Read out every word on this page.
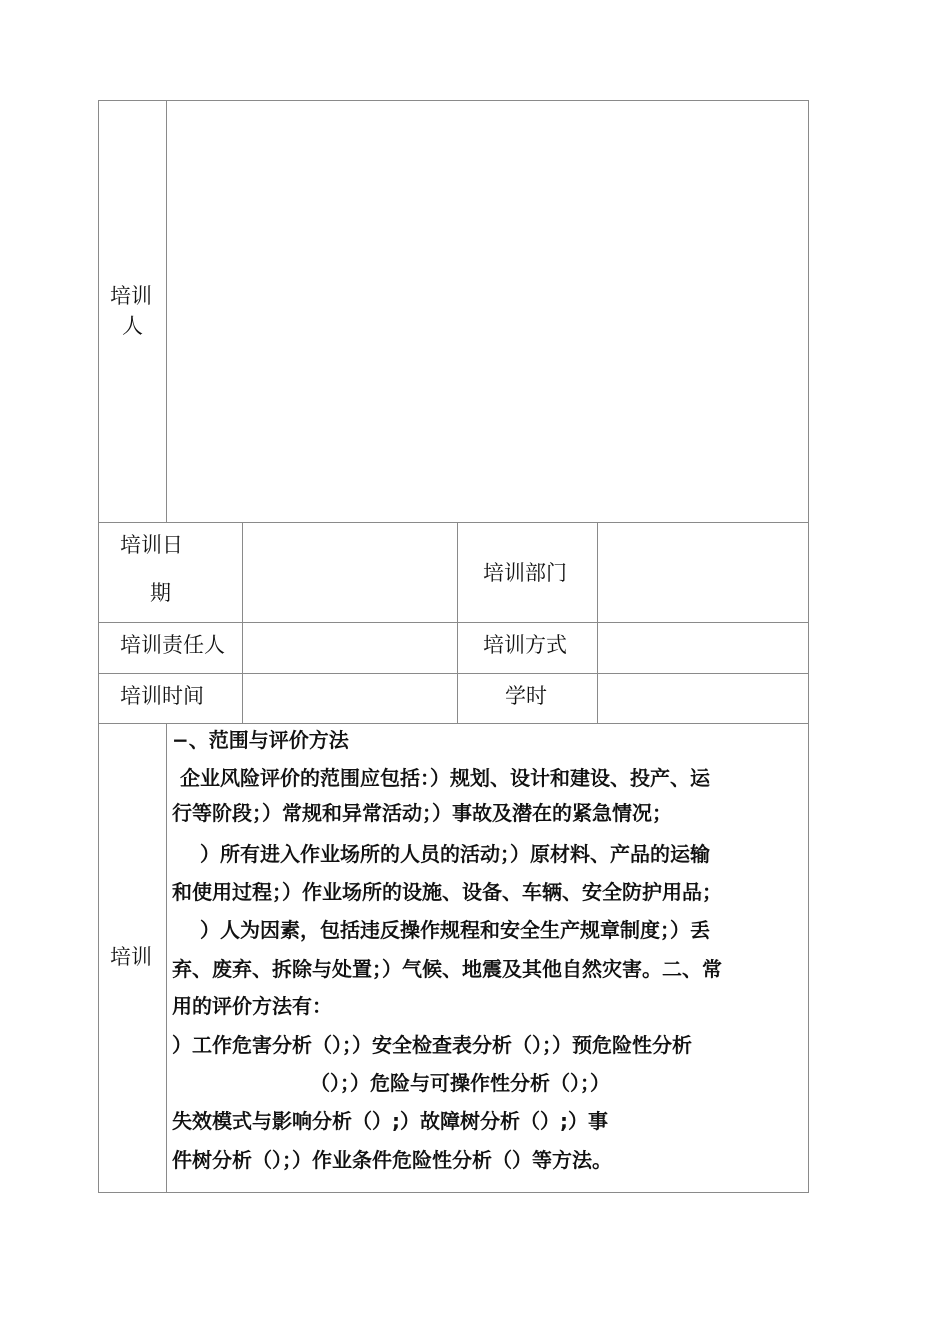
培训
人
培训日
期
培训部门
培训责任人	培训方式
培训时间	学时
培训
−、范围与评价方法
企业风险评价的范围应包括：）规划、设计和建设、投产、运
行等阶段；）常规和异常活动；）事故及潜在的紧急情况；
）所有进入作业场所的人员的活动；）原材料、产品的运输
和使用过程；）作业场所的设施、设备、车辆、安全防护用品；
）人为因素，包括违反操作规程和安全生产规章制度；）丢
弃、废弃、拆除与处置；）气候、地震及其他自然灾害。二、常
用的评价方法有：
）工作危害分析（）；）安全检查表分析（）；）预危险性分析
（）；）危险与可操作性分析（）；）
失效模式与影响分析（）;）故障树分析（）;）事
件树分析（）；）作业条件危险性分析（）等方法。
